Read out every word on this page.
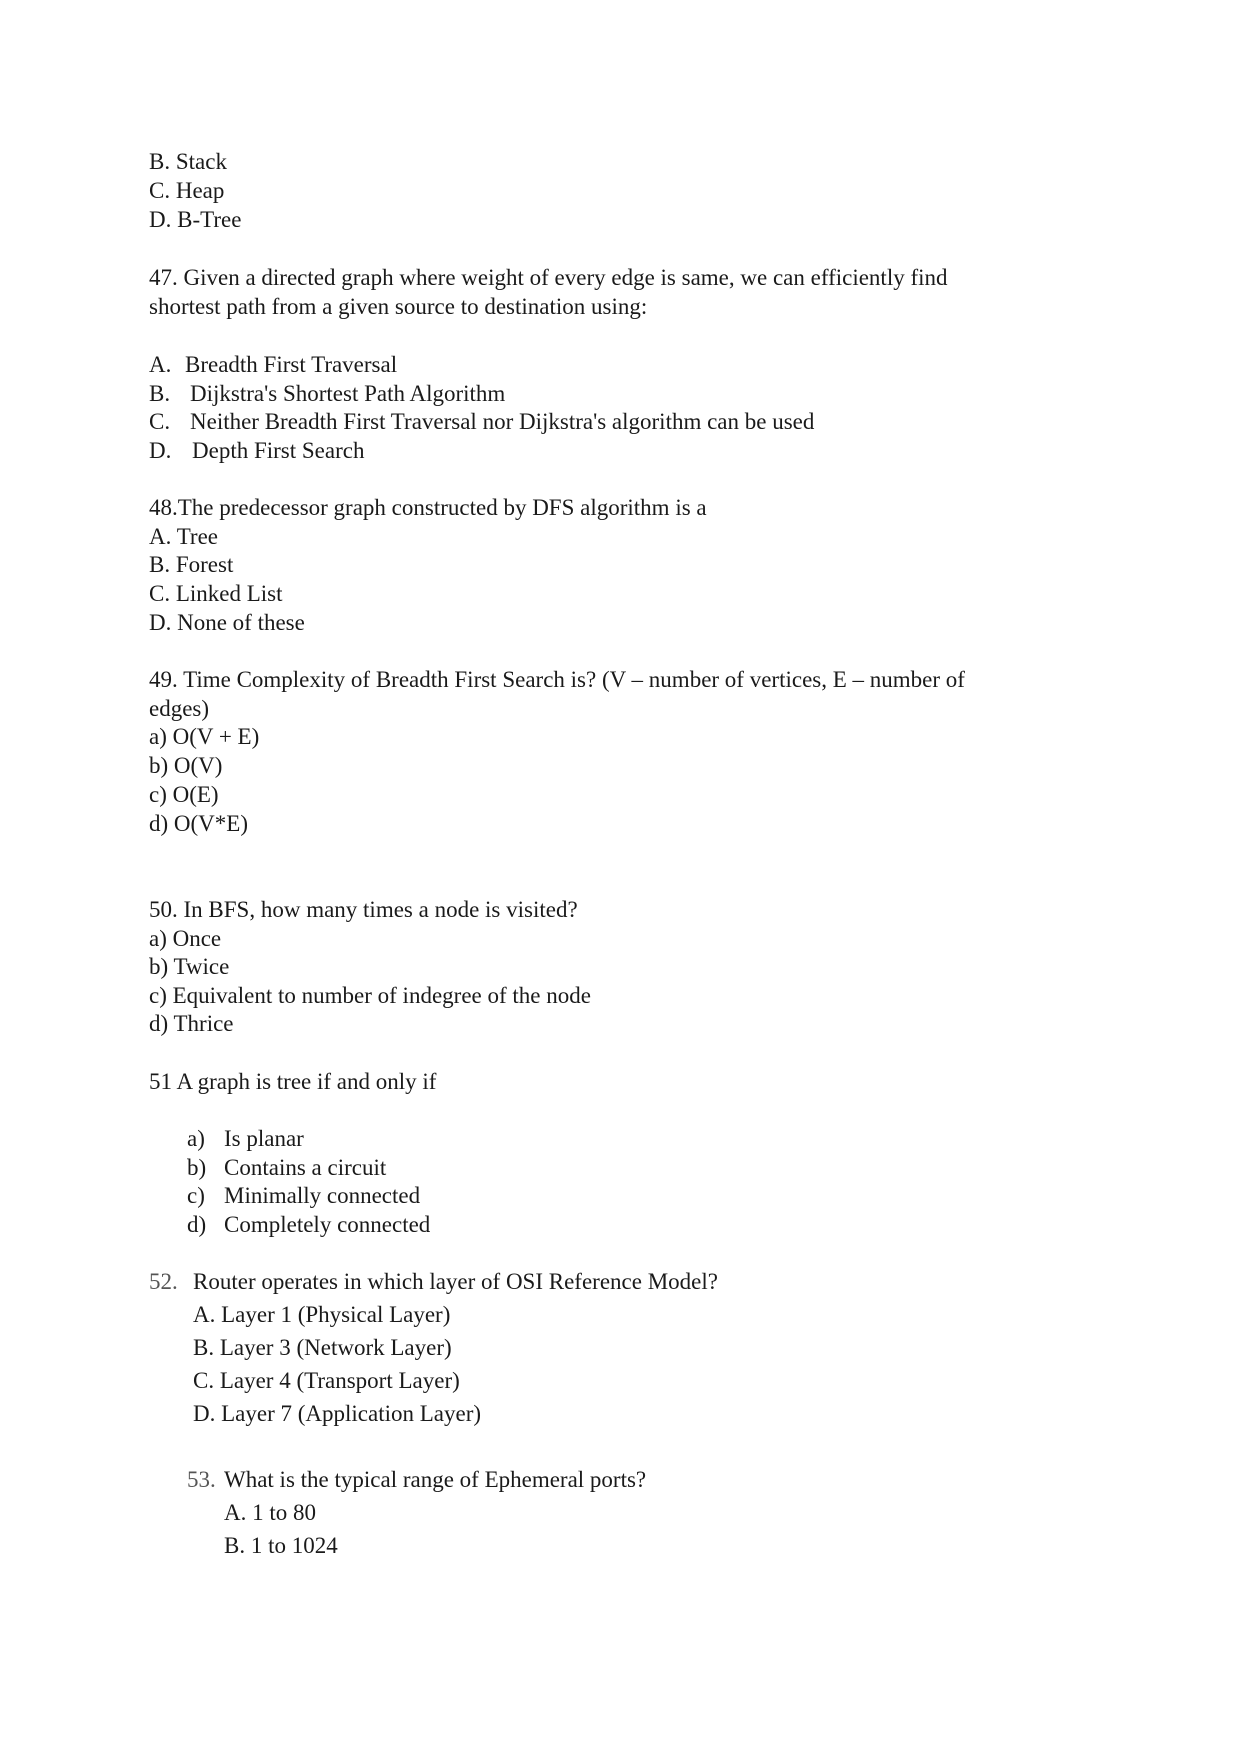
B. Stack
C. Heap
D. B-Tree
47. Given a directed graph where weight of every edge is same, we can efficiently find
shortest path from a given source to destination using:
A. Breadth First Traversal
B. Dijkstra's Shortest Path Algorithm
C. Neither Breadth First Traversal nor Dijkstra's algorithm can be used
D. Depth First Search
48.The predecessor graph constructed by DFS algorithm is a
A. Tree
B. Forest
C. Linked List
D. None of these
49. Time Complexity of Breadth First Search is? (V – number of vertices, E – number of
edges)
a) O(V + E)
b) O(V)
c) O(E)
d) O(V*E)
50. In BFS, how many times a node is visited?
a) Once
b) Twice
c) Equivalent to number of indegree of the node
d) Thrice
51 A graph is tree if and only if
a) Is planar
b) Contains a circuit
c) Minimally connected
d) Completely connected
52. Router operates in which layer of OSI Reference Model?
A. Layer 1 (Physical Layer)
B. Layer 3 (Network Layer)
C. Layer 4 (Transport Layer)
D. Layer 7 (Application Layer)
53. What is the typical range of Ephemeral ports?
A. 1 to 80
B. 1 to 1024
